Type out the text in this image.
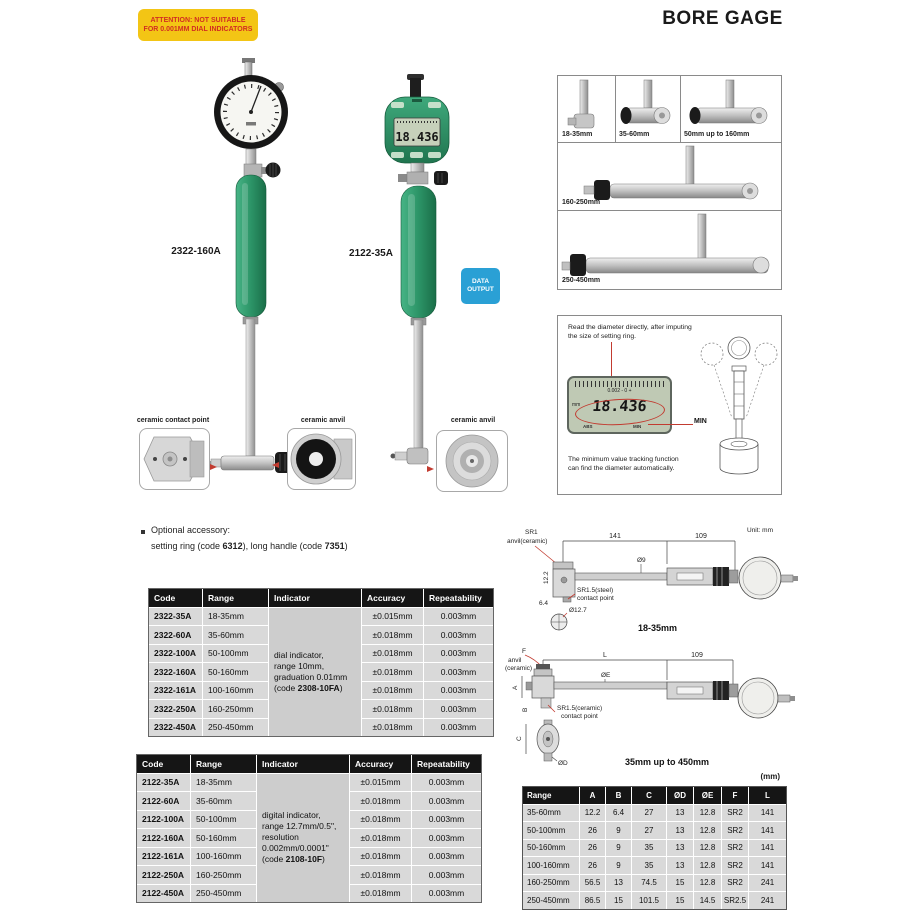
ATTENTION: NOT SUITABLE
FOR 0.001MM DIAL INDICATORS
BORE GAGE
2322-160A
18.436
2122-35A
DATA
OUTPUT
ceramic contact point	ceramic anvil	ceramic anvil
18-35mm	35-60mm	50mm up to 160mm
160-250mm
250-450mm
Read the diameter directly, after imputing
the size of setting ring.
0.002 - 0 +
mm 18.436
ABS	MIN
MIN
The minimum value tracking function
can find the diameter automatically.
Optional accessory:
setting ring (code 6312), long handle (code 7351)
Code	Range	Indicator	Accuracy	Repeatability
dial indicator,
range 10mm,
graduation 0.01mm
(code 2308-10FA)
2322-35A	18-35mm	±0.015mm	0.003mm
2322-60A	35-60mm	±0.018mm	0.003mm
2322-100A	50-100mm	±0.018mm	0.003mm
2322-160A	50-160mm	±0.018mm	0.003mm
2322-161A	100-160mm	±0.018mm	0.003mm
2322-250A	160-250mm	±0.018mm	0.003mm
2322-450A	250-450mm	±0.018mm	0.003mm
Code	Range	Indicator	Accuracy	Repeatability
digital indicator,
range 12.7mm/0.5",
resolution
0.002mm/0.0001"
(code 2108-10F)
2122-35A	18-35mm	±0.015mm	0.003mm
2122-60A	35-60mm	±0.018mm	0.003mm
2122-100A	50-100mm	±0.018mm	0.003mm
2122-160A	50-160mm	±0.018mm	0.003mm
2122-161A	100-160mm	±0.018mm	0.003mm
2122-250A	160-250mm	±0.018mm	0.003mm
2122-450A	250-450mm	±0.018mm	0.003mm
Unit: mm
141	109
SR1
anvil(ceramic)
Ø9
12.2
6.4
SR1.5(steel)
contact point
Ø12.7
18-35mm
F
anvil
(ceramic)
L	109
ØE
A
B	SR1.5(ceramic)
contact point
C
ØD	35mm up to 450mm
(mm)
Range	A	B	C	ØD	ØE	F	L
35-60mm	12.2	6.4	27	13	12.8	SR2	141
50-100mm	26	9	27	13	12.8	SR2	141
50-160mm	26	9	35	13	12.8	SR2	141
100-160mm	26	9	35	13	12.8	SR2	141
160-250mm	56.5	13	74.5	15	12.8	SR2	241
250-450mm	86.5	15	101.5	15	14.5	SR2.5	241
